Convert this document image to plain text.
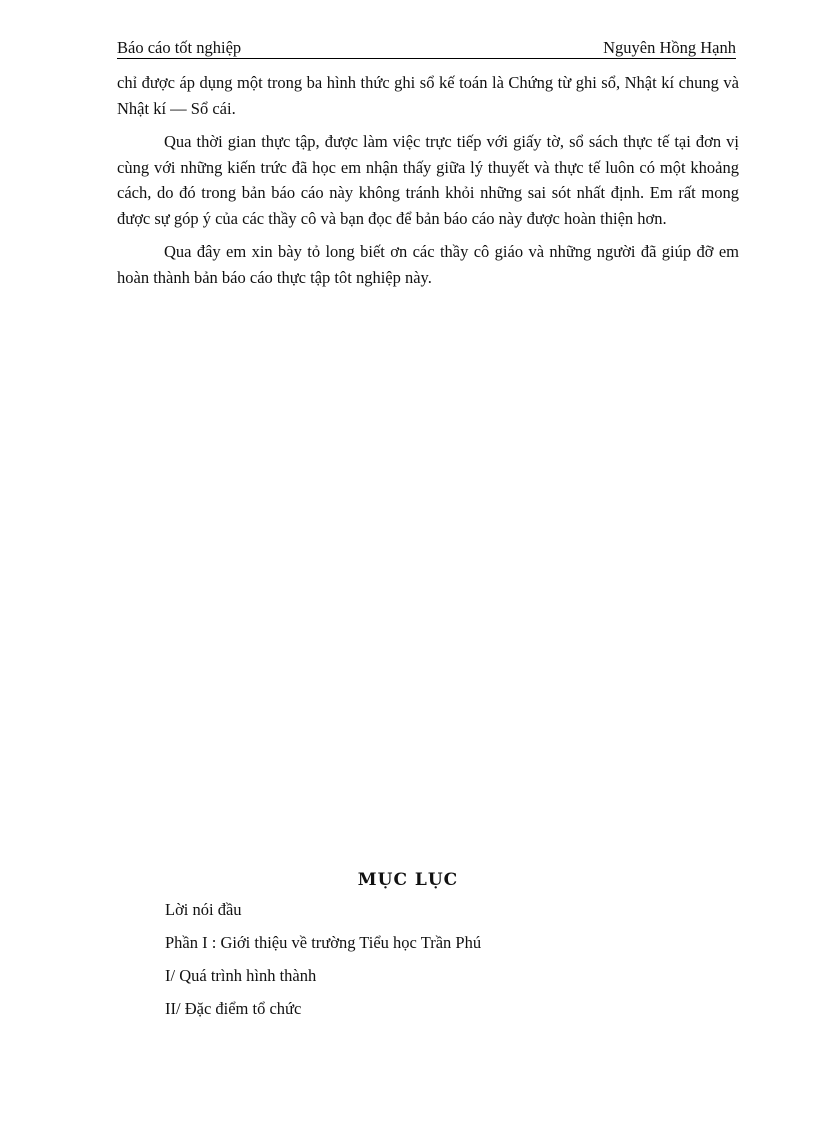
Báo cáo tốt nghiệp	Nguyên Hồng Hạnh

chỉ được áp dụng một trong ba hình thức ghi sổ kế toán là Chứng từ ghi sổ, Nhật kí chung và Nhật kí — Sổ cái.

Qua thời gian thực tập, được làm việc trực tiếp với giấy tờ, sổ sách thực tế tại đơn vị cùng với những kiến trức đã học em nhận thấy giữa lý thuyết và thực tế luôn có một khoảng cách, do đó trong bản báo cáo này không tránh khỏi những sai sót nhất định. Em rất mong được sự góp ý của các thầy cô và bạn đọc để bản báo cáo này được hoàn thiện hơn.

Qua đây em xin bày tỏ long biết ơn các thầy cô giáo và những người đã giúp đỡ em hoàn thành bản báo cáo thực tập tôt nghiệp này.

MỤC LỤC
Lời nói đầu
Phần I : Giới thiệu về trường Tiểu học Trần Phú
I/ Quá trình hình thành
II/ Đặc điểm tổ chức
